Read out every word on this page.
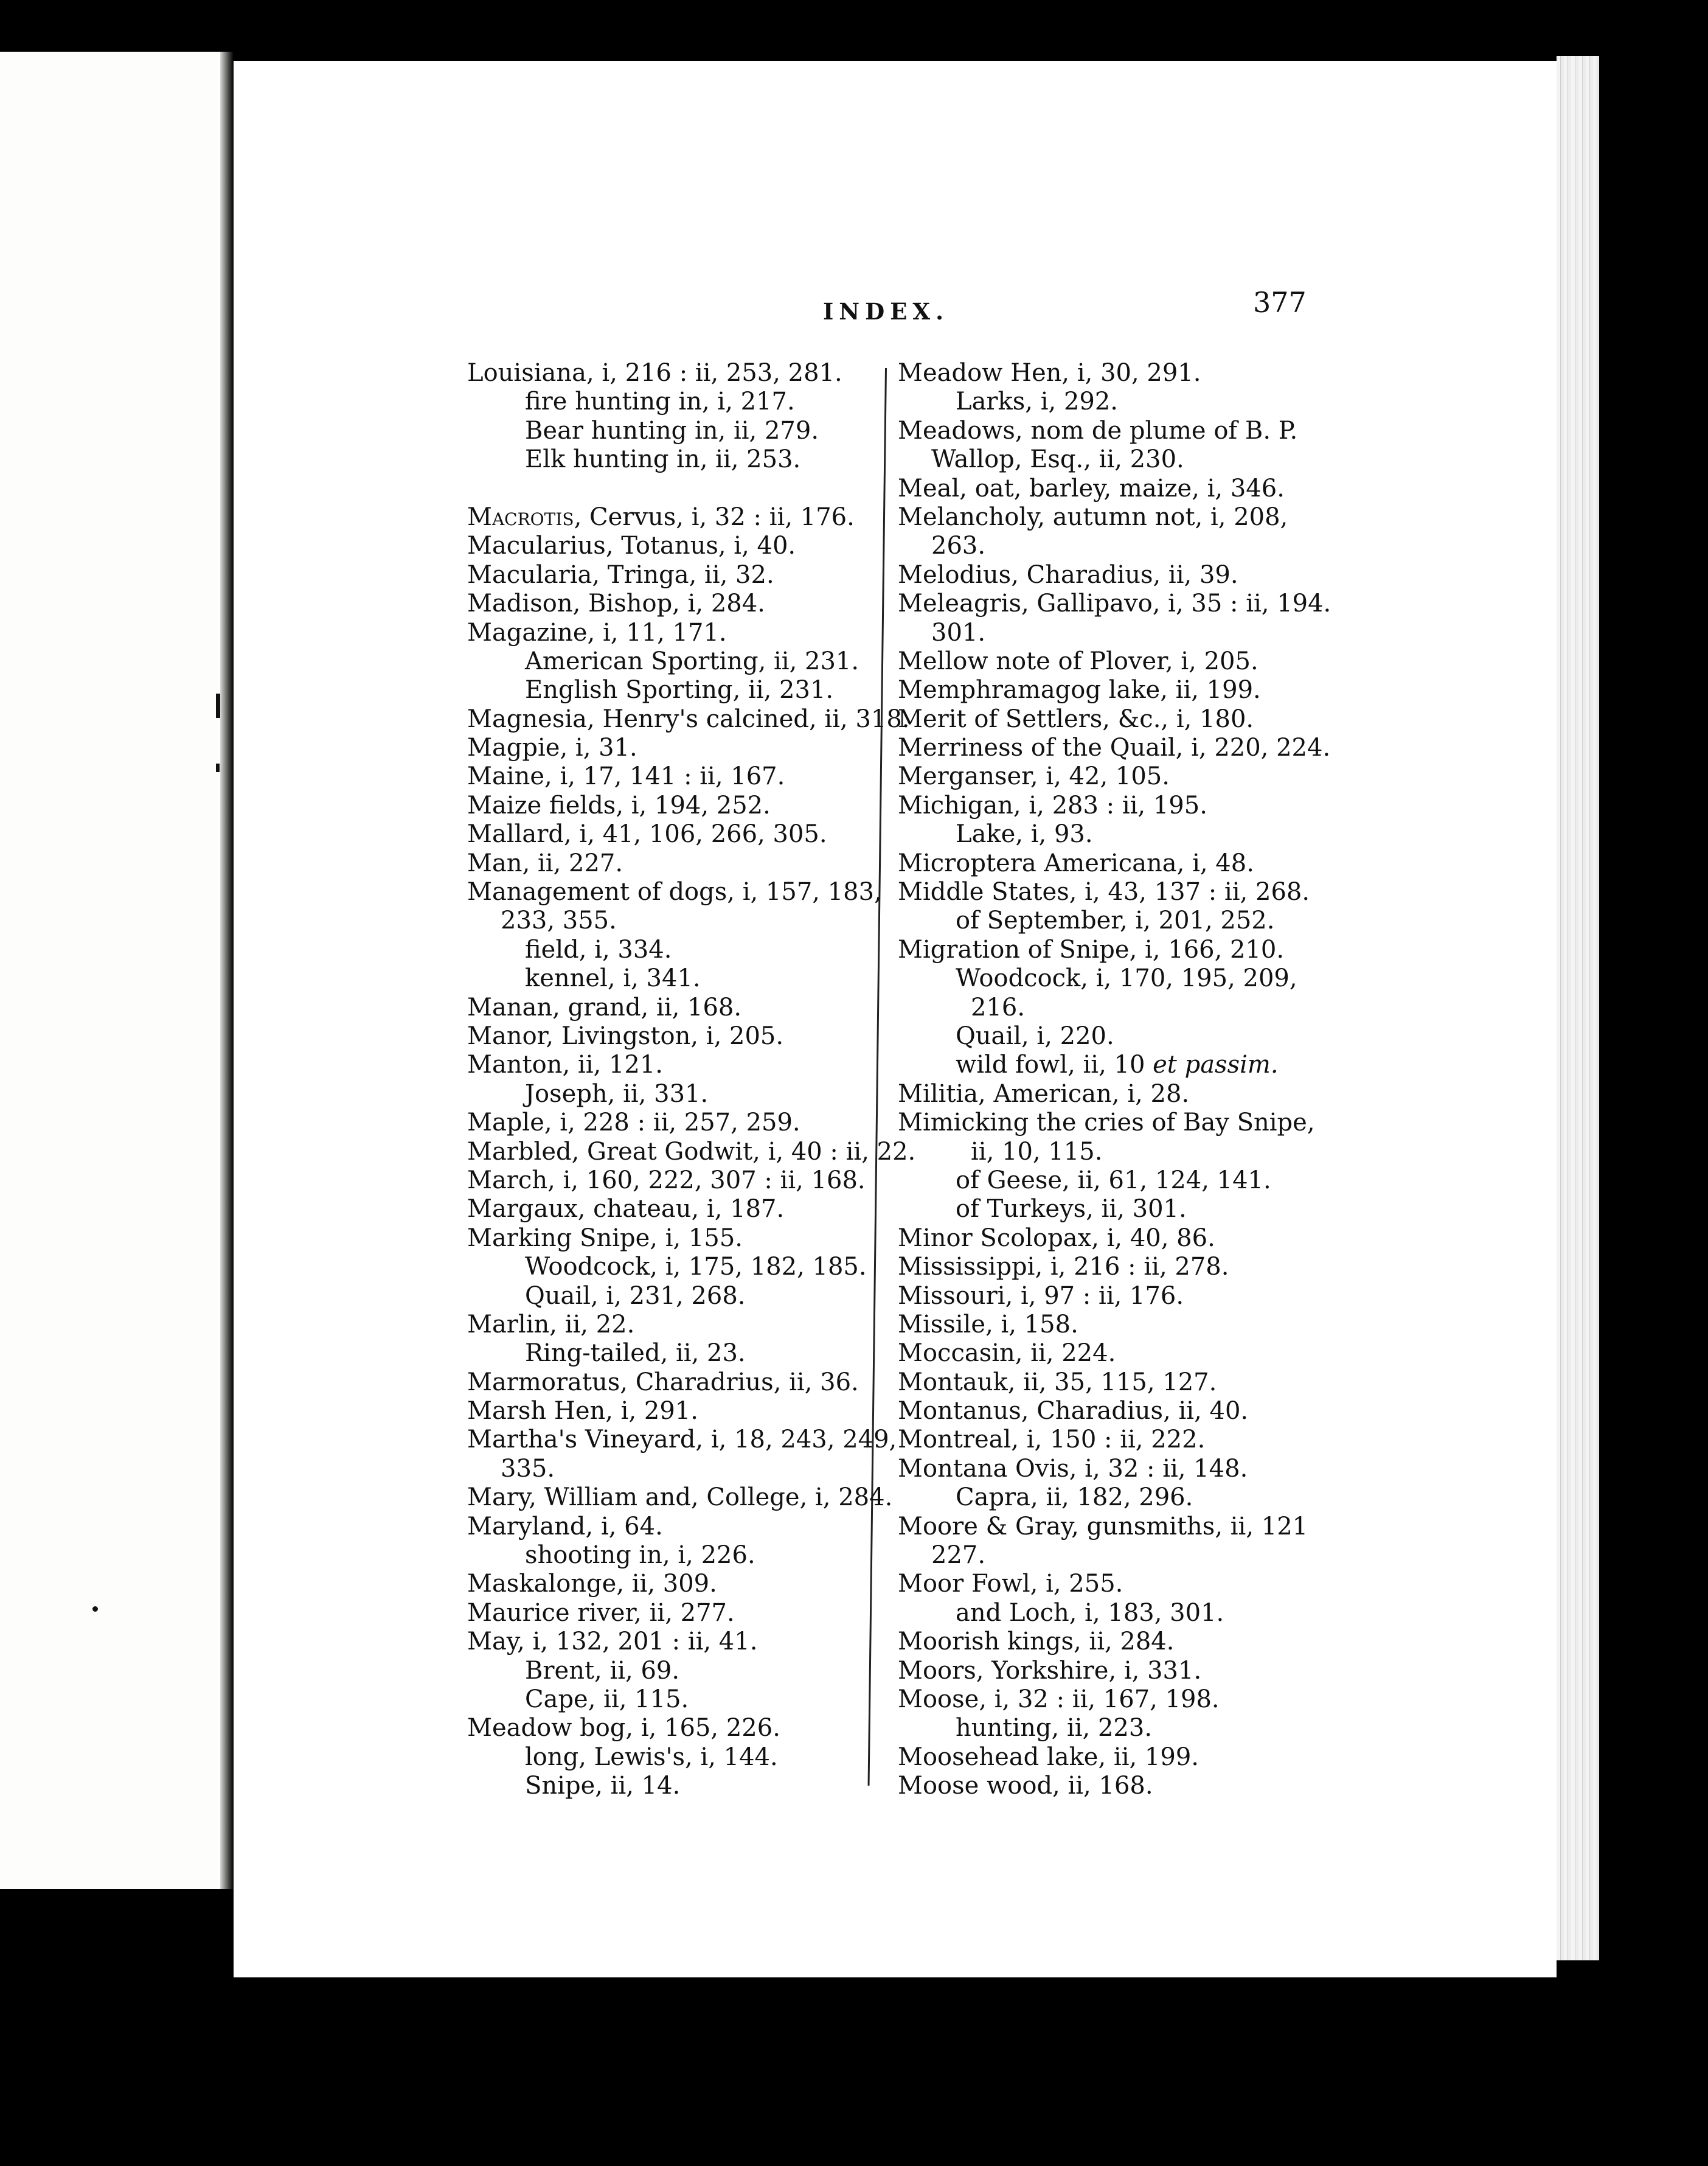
INDEX.	377
Louisiana, i, 216 : ii, 253, 281.
fire hunting in, i, 217.
Bear hunting in, ii, 279.
Elk hunting in, ii, 253.
Macrotis, Cervus, i, 32 : ii, 176.
Macularius, Totanus, i, 40.
Macularia, Tringa, ii, 32.
Madison, Bishop, i, 284.
Magazine, i, 11, 171.
American Sporting, ii, 231.
English Sporting, ii, 231.
Magnesia, Henry's calcined, ii, 318.
Magpie, i, 31.
Maine, i, 17, 141 : ii, 167.
Maize fields, i, 194, 252.
Mallard, i, 41, 106, 266, 305.
Man, ii, 227.
Management of dogs, i, 157, 183,
233, 355.
field, i, 334.
kennel, i, 341.
Manan, grand, ii, 168.
Manor, Livingston, i, 205.
Manton, ii, 121.
Joseph, ii, 331.
Maple, i, 228 : ii, 257, 259.
Marbled, Great Godwit, i, 40 : ii, 22.
March, i, 160, 222, 307 : ii, 168.
Margaux, chateau, i, 187.
Marking Snipe, i, 155.
Woodcock, i, 175, 182, 185.
Quail, i, 231, 268.
Marlin, ii, 22.
Ring-tailed, ii, 23.
Marmoratus, Charadrius, ii, 36.
Marsh Hen, i, 291.
Martha's Vineyard, i, 18, 243, 249,
335.
Mary, William and, College, i, 284.
Maryland, i, 64.
shooting in, i, 226.
Maskalonge, ii, 309.
Maurice river, ii, 277.
May, i, 132, 201 : ii, 41.
Brent, ii, 69.
Cape, ii, 115.
Meadow bog, i, 165, 226.
long, Lewis's, i, 144.
Snipe, ii, 14.
Meadow Hen, i, 30, 291.
Larks, i, 292.
Meadows, nom de plume of B. P.
Wallop, Esq., ii, 230.
Meal, oat, barley, maize, i, 346.
Melancholy, autumn not, i, 208,
263.
Melodius, Charadius, ii, 39.
Meleagris, Gallipavo, i, 35 : ii, 194.
301.
Mellow note of Plover, i, 205.
Memphramagog lake, ii, 199.
Merit of Settlers, &c., i, 180.
Merriness of the Quail, i, 220, 224.
Merganser, i, 42, 105.
Michigan, i, 283 : ii, 195.
Lake, i, 93.
Microptera Americana, i, 48.
Middle States, i, 43, 137 : ii, 268.
of September, i, 201, 252.
Migration of Snipe, i, 166, 210.
Woodcock, i, 170, 195, 209,
216.
Quail, i, 220.
wild fowl, ii, 10 et passim.
Militia, American, i, 28.
Mimicking the cries of Bay Snipe,
ii, 10, 115.
of Geese, ii, 61, 124, 141.
of Turkeys, ii, 301.
Minor Scolopax, i, 40, 86.
Mississippi, i, 216 : ii, 278.
Missouri, i, 97 : ii, 176.
Missile, i, 158.
Moccasin, ii, 224.
Montauk, ii, 35, 115, 127.
Montanus, Charadius, ii, 40.
Montreal, i, 150 : ii, 222.
Montana Ovis, i, 32 : ii, 148.
Capra, ii, 182, 296.
Moore & Gray, gunsmiths, ii, 121
227.
Moor Fowl, i, 255.
and Loch, i, 183, 301.
Moorish kings, ii, 284.
Moors, Yorkshire, i, 331.
Moose, i, 32 : ii, 167, 198.
hunting, ii, 223.
Moosehead lake, ii, 199.
Moose wood, ii, 168.
